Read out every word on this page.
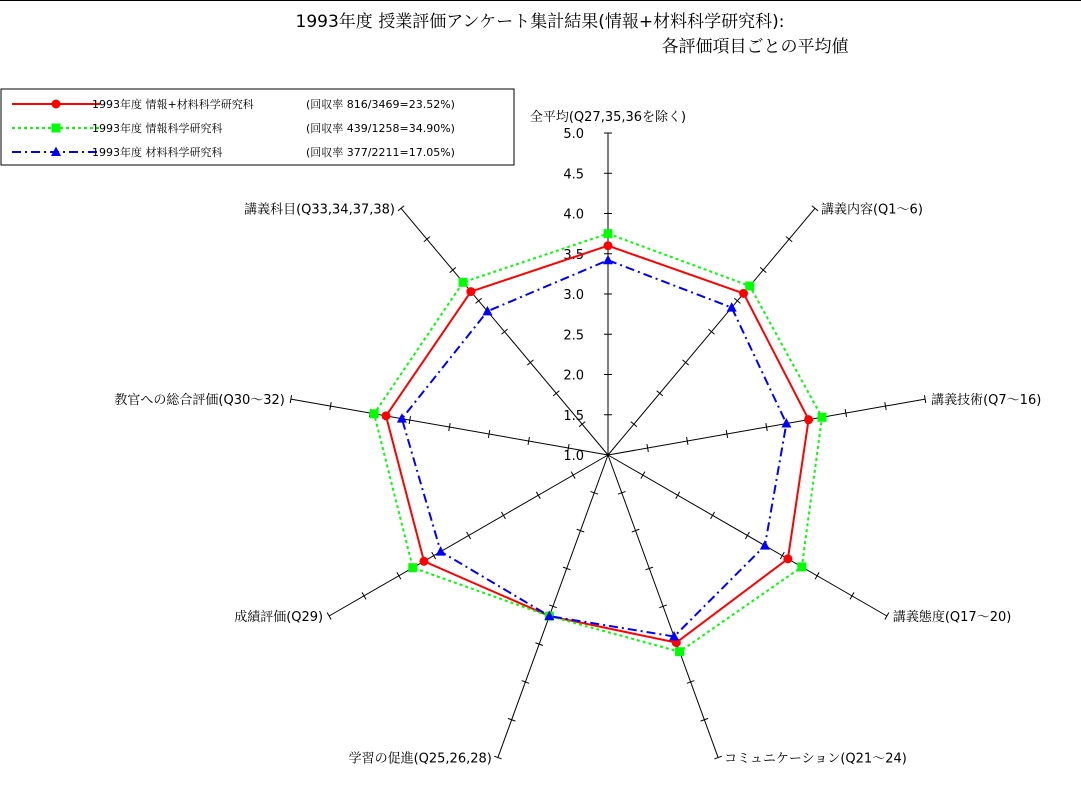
1993年度 授業評価アンケート集計結果(情報+材料科学研究科):
各評価項目ごとの平均値
1.0
1.5
2.0
2.5
3.0
3.5
4.0
4.5
5.0
全平均(Q27,35,36を除く)
講義内容(Q1～6)
講義技術(Q7～16)
講義態度(Q17～20)
コミュニケーション(Q21～24)
学習の促進(Q25,26,28)
成績評価(Q29)
教官への総合評価(Q30～32)
講義科目(Q33,34,37,38)
1993年度 情報+材料科学研究科	(回収率 816/3469=23.52%)
1993年度 情報科学研究科	(回収率 439/1258=34.90%)
1993年度 材料科学研究科	(回収率 377/2211=17.05%)
